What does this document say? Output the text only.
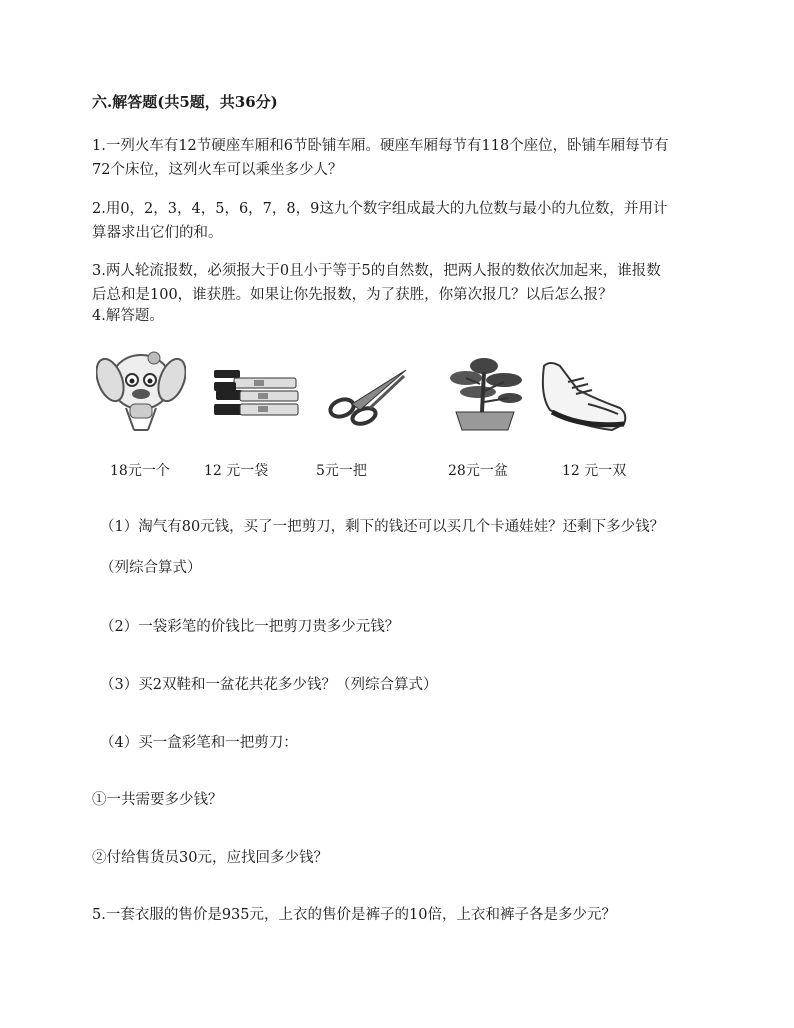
六.解答题(共5题，共36分)
1.一列火车有12节硬座车厢和6节卧铺车厢。硬座车厢每节有118个座位，卧铺车厢每节有
72个床位，这列火车可以乘坐多少人？
2.用0，2，3，4，5，6，7，8，9这九个数字组成最大的九位数与最小的九位数，并用计
算器求出它们的和。
3.两人轮流报数，必须报大于0且小于等于5的自然数，把两人报的数依次加起来，谁报数
后总和是100，谁获胜。如果让你先报数，为了获胜，你第次报几？以后怎么报？
4.解答题。
18元一个 12 元一袋	5元一把	28元一盆	12 元一双
（1）淘气有80元钱，买了一把剪刀，剩下的钱还可以买几个卡通娃娃？还剩下多少钱？
（列综合算式）
（2）一袋彩笔的价钱比一把剪刀贵多少元钱？
（3）买2双鞋和一盆花共花多少钱？（列综合算式）
（4）买一盒彩笔和一把剪刀：
①一共需要多少钱？
②付给售货员30元，应找回多少钱？
5.一套衣服的售价是935元，上衣的售价是裤子的10倍，上衣和裤子各是多少元？
